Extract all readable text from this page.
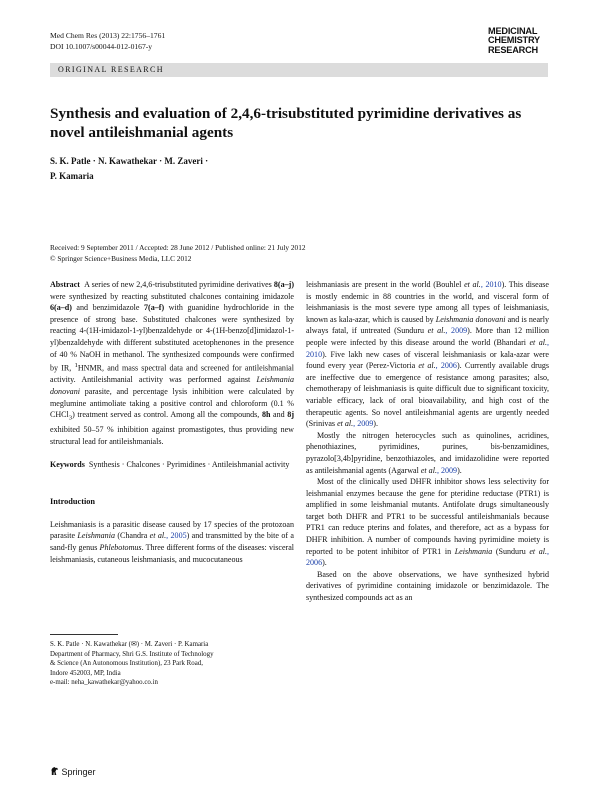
Med Chem Res (2013) 22:1756–1761
DOI 10.1007/s00044-012-0167-y
MEDICINAL
CHEMISTRY
RESEARCH
ORIGINAL RESEARCH
Synthesis and evaluation of 2,4,6-trisubstituted pyrimidine derivatives as novel antileishmanial agents
S. K. Patle · N. Kawathekar · M. Zaveri ·
P. Kamaria
Received: 9 September 2011 / Accepted: 28 June 2012 / Published online: 21 July 2012
© Springer Science+Business Media, LLC 2012

Abstract A series of new 2,4,6-trisubstituted pyrimidine derivatives 8(a–j) were synthesized by reacting substituted chalcones containing imidazole 6(a–d) and benzimidazole 7(a–f) with guanidine hydrochloride in the presence of strong base. Substituted chalcones were synthesized by reacting 4-(1H-imidazol-1-yl)benzaldehyde or 4-(1H-benzo[d]imidazol-1-yl)benzaldehyde with different substituted acetophenones in the presence of 40 % NaOH in methanol. The synthesized compounds were confirmed by IR, $^1$HNMR, and mass spectral data and screened for antileishmanial activity. Antileishmanial activity was performed against Leishmania donovani parasite, and percentage lysis inhibition were calculated by meglumine antimoliate taking a positive control and chloroform (0.1 % CHCl$_3$) treatment served as control. Among all the compounds, 8h and 8j exhibited 50–57 % inhibition against promastigotes, thus providing new structural lead for antileishmanials.

Keywords Synthesis · Chalcones · Pyrimidines · Antileishmanial activity

Introduction

Leishmaniasis is a parasitic disease caused by 17 species of the protozoan parasite Leishmania (Chandra et al., 2005) and transmitted by the bite of a sand-fly genus Phlebotomus. Three different forms of the diseases: visceral leishmaniasis, cutaneous leishmaniasis, and mucocutaneous

leishmaniasis are present in the world (Bouhlel et al., 2010). This disease is mostly endemic in 88 countries in the world, and visceral form of leishmaniasis is the most severe type among all types of leishmaniasis, known as kala-azar, which is caused by Leishmania donovani and is nearly always fatal, if untreated (Sunduru et al., 2009). More than 12 million people were infected by this disease around the world (Bhandari et al., 2010). Five lakh new cases of visceral leishmaniasis or kala-azar were found every year (Perez-Victoria et al., 2006). Currently available drugs are ineffective due to emergence of resistance among parasites; also, chemotherapy of leishmaniasis is quite difficult due to significant toxicity, variable efficacy, lack of oral bioavailability, and high cost of the therapeutic agents. So novel antileishmanial agents are urgently needed (Srinivas et al., 2009).

Mostly the nitrogen heterocycles such as quinolines, acridines, phenothiazines, pyrimidines, purines, bis-benzamidines, pyrazolo[3,4b]pyridine, benzothiazoles, and imidazolidine were reported as antileishmanial agents (Agarwal et al., 2009).

Most of the clinically used DHFR inhibitor shows less selectivity for leishmanial enzymes because the gene for pteridine reductase (PTR1) is amplified in some leishmanial mutants. Antifolate drugs simultaneously target both DHFR and PTR1 to be successful antileishmanials because PTR1 can reduce pterins and folates, and therefore, act as a bypass for DHFR inhibition. A number of compounds having pyrimidine moiety is reported to be potent inhibitor of PTR1 in Leishmania (Sunduru et al., 2006).

Based on the above observations, we have synthesized hybrid derivatives of pyrimidine containing imidazole or benzimidazole. The synthesized compounds act as an

S. K. Patle · N. Kawathekar (✉) · M. Zaveri · P. Kamaria
Department of Pharmacy, Shri G.S. Institute of Technology
& Science (An Autonomous Institution), 23 Park Road,
Indore 452003, MP, India
e-mail: neha_kawathekar@yahoo.co.in
Springer
